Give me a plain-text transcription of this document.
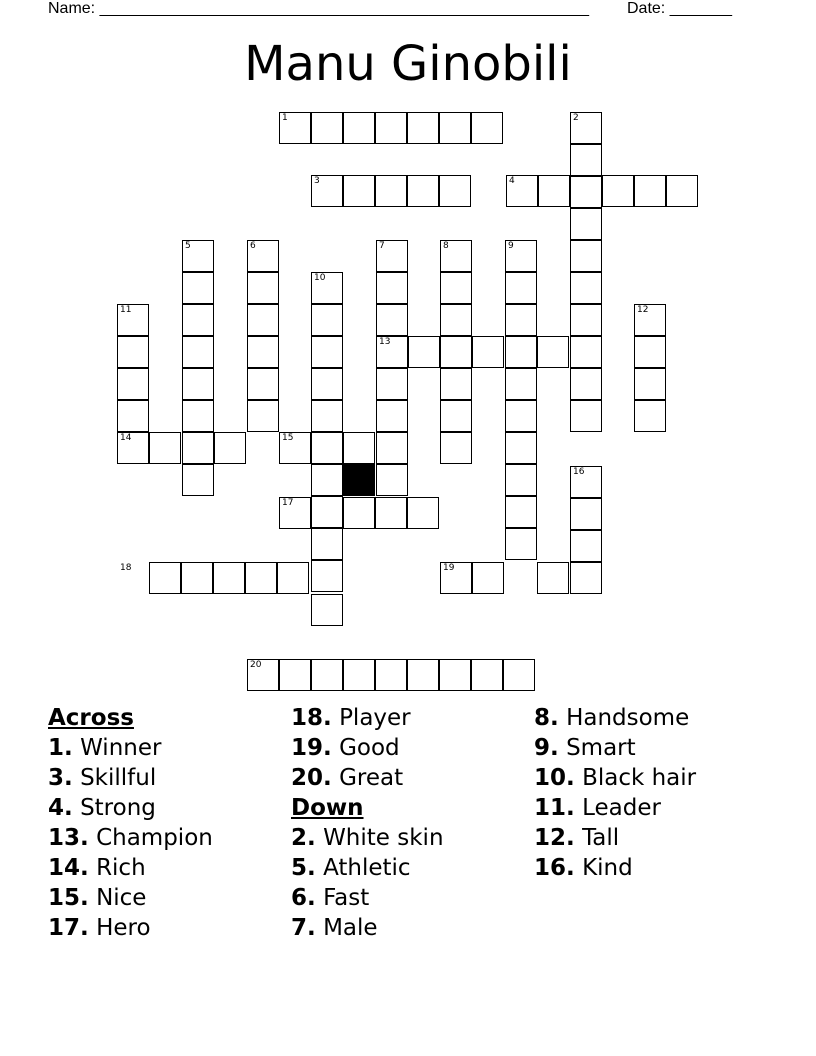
Name: _______________________________________________________ Date: _______
Manu Ginobili
1	2
3	4
5	6	7	8	9
10
11	12
13
14	15
16
17
18	19
20
Across
1. Winner
3. Skillful
4. Strong
13. Champion
14. Rich
15. Nice
17. Hero
18. Player
19. Good
20. Great
Down
2. White skin
5. Athletic
6. Fast
7. Male
8. Handsome
9. Smart
10. Black hair
11. Leader
12. Tall
16. Kind
